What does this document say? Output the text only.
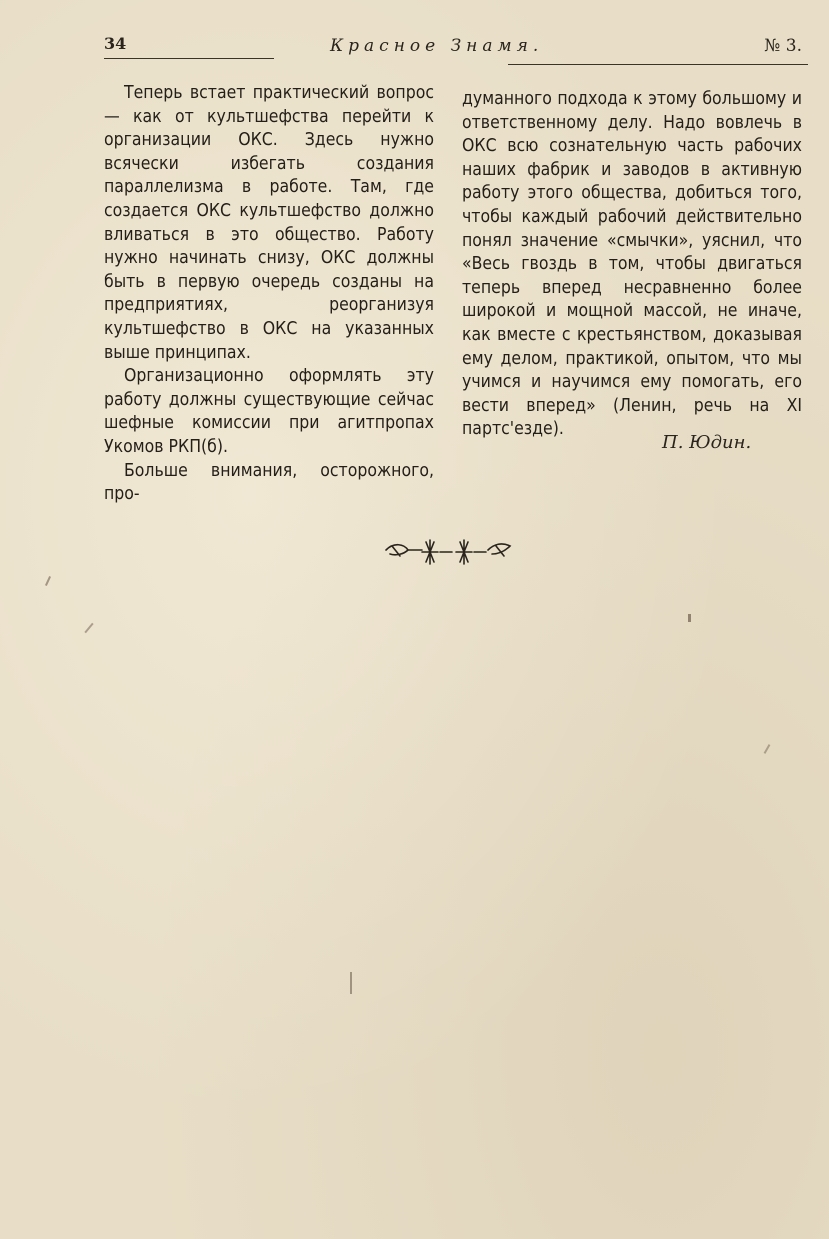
34	Красное Знамя.	№ 3.

Теперь встает практический вопрос — как от культшефства перейти к организации ОКС. Здесь нужно всячески избегать создания параллелизма в работе. Там, где создается ОКС культшефство должно вливаться в это общество. Работу нужно начинать снизу, ОКС должны быть в первую очередь созданы на предприятиях, реорганизуя культшефство в ОКС на указанных выше принципах.

Организационно оформлять эту работу должны существующие сейчас шефные комиссии при агитпропах Укомов РКП(б).

Больше внимания, осторожного, про-

думанного подхода к этому большому и ответственному делу. Надо вовлечь в ОКС всю сознательную часть рабочих наших фабрик и заводов в активную работу этого общества, добиться того, чтобы каждый рабочий действительно понял значение «смычки», уяснил, что «Весь гвоздь в том, чтобы двигаться теперь вперед несравненно более широкой и мощной массой, не иначе, как вместе с крестьянством, доказывая ему делом, практикой, опытом, что мы учимся и научимся ему помогать, его вести вперед» (Ленин, речь на XI партс'езде).

П. Юдин.
